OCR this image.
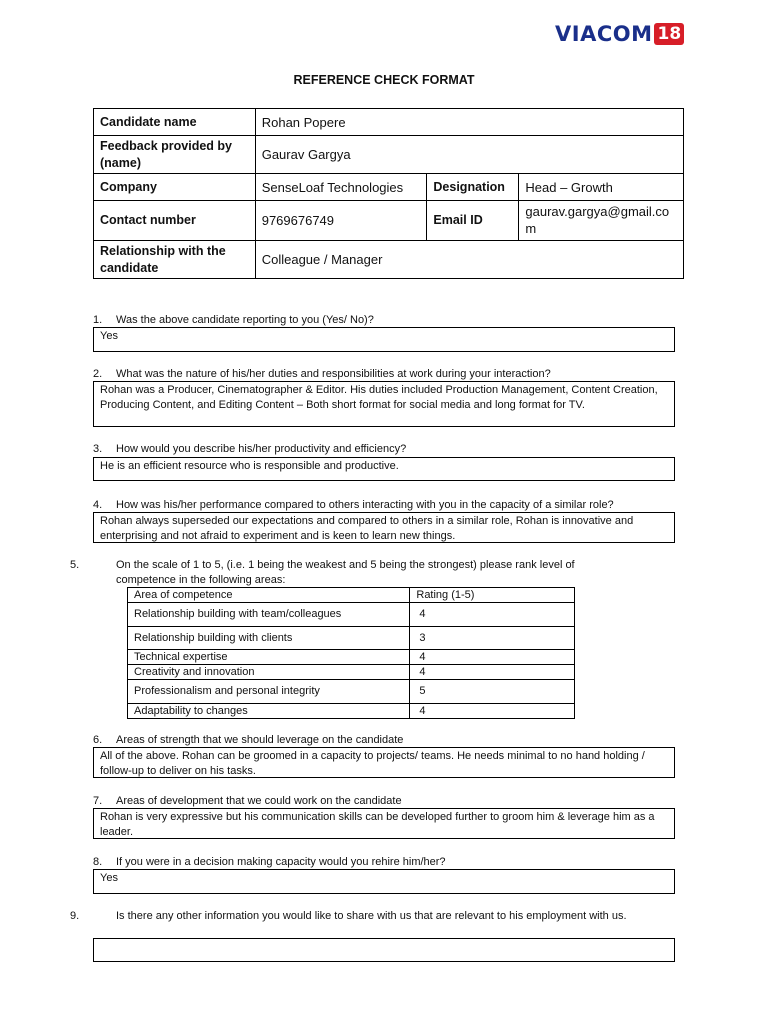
VIACOM 18
REFERENCE CHECK FORMAT
Candidate name	Rohan Popere		
Feedback provided by (name)	Gaurav Gargya		
Company	SenseLoaf Technologies	Designation	Head – Growth
Contact number	9769676749	Email ID	gaurav.gargya@gmail.com
Relationship with the candidate	Colleague / Manager		
1. Was the above candidate reporting to you (Yes/ No)?
Yes
2. What was the nature of his/her duties and responsibilities at work during your interaction?
Rohan was a Producer, Cinematographer & Editor. His duties included Production Management, Content Creation, Producing Content, and Editing Content – Both short format for social media and long format for TV.
3. How would you describe his/her productivity and efficiency?
He is an efficient resource who is responsible and productive.
4. How was his/her performance compared to others interacting with you in the capacity of a similar role?
Rohan always superseded our expectations and compared to others in a similar role, Rohan is innovative and enterprising and not afraid to experiment and is keen to learn new things.
5.	On the scale of 1 to 5, (i.e. 1 being the weakest and 5 being the strongest) please rank level of competence in the following areas:
Area of competence	Rating (1-5)
Relationship building with team/colleagues	4
Relationship building with clients	3
Technical expertise	4
Creativity and innovation	4
Professionalism and personal integrity	5
Adaptability to changes	4
6. Areas of strength that we should leverage on the candidate
All of the above. Rohan can be groomed in a capacity to projects/ teams. He needs minimal to no hand holding / follow-up to deliver on his tasks.
7. Areas of development that we could work on the candidate
Rohan is very expressive but his communication skills can be developed further to groom him & leverage him as a leader.
8. If you were in a decision making capacity would you rehire him/her?
Yes
9.	Is there any other information you would like to share with us that are relevant to his employment with us.
